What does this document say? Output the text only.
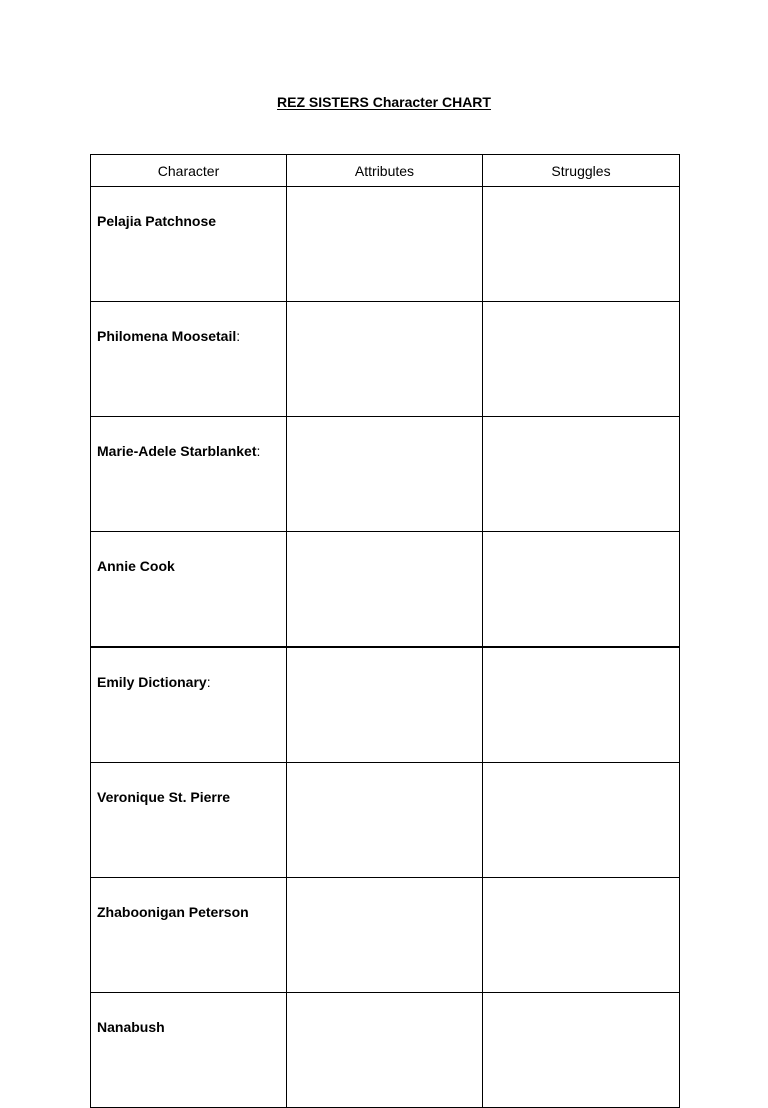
REZ SISTERS Character CHART
Character	Attributes	Struggles
Pelajia Patchnose		
Philomena Moosetail:		
Marie-Adele Starblanket:		
Annie Cook		
Emily Dictionary:		
Veronique St. Pierre		
Zhaboonigan Peterson		
Nanabush		
